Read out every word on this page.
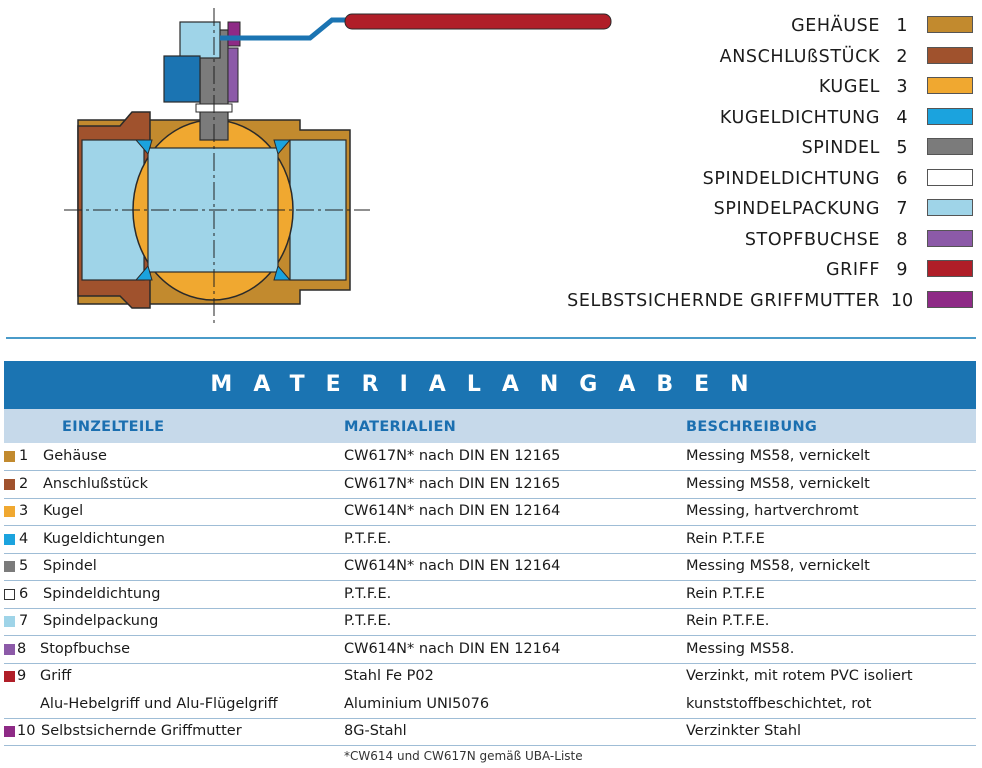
GEHÄUSE 1
ANSCHLUßSTÜCK 2
KUGEL 3
KUGELDICHTUNG 4
SPINDEL 5
SPINDELDICHTUNG 6
SPINDELPACKUNG 7
STOPFBUCHSE 8
GRIFF 9
SELBSTSICHERNDE GRIFFMUTTER 10
MATERIALANGABEN
EINZELTEILE	MATERIALIEN	BESCHREIBUNG
1 Gehäuse	CW617N* nach DIN EN 12165	Messing MS58, vernickelt
2 Anschlußstück	CW617N* nach DIN EN 12165	Messing MS58, vernickelt
3 Kugel	CW614N* nach DIN EN 12164	Messing, hartverchromt
4 Kugeldichtungen	P.T.F.E.	Rein P.T.F.E
5 Spindel	CW614N* nach DIN EN 12164	Messing MS58, vernickelt
6 Spindeldichtung	P.T.F.E.	Rein P.T.F.E
7 Spindelpackung	P.T.F.E.	Rein P.T.F.E.
8 Stopfbuchse	CW614N* nach DIN EN 12164	Messing MS58.
9 Griff	Stahl Fe P02	Verzinkt, mit rotem PVC isoliert
Alu-Hebelgriff und Alu-Flügelgriff	Aluminium UNI5076	kunststoffbeschichtet, rot
10 Selbstsichernde Griffmutter	8G-Stahl	Verzinkter Stahl
*CW614 und CW617N gemäß UBA-Liste
